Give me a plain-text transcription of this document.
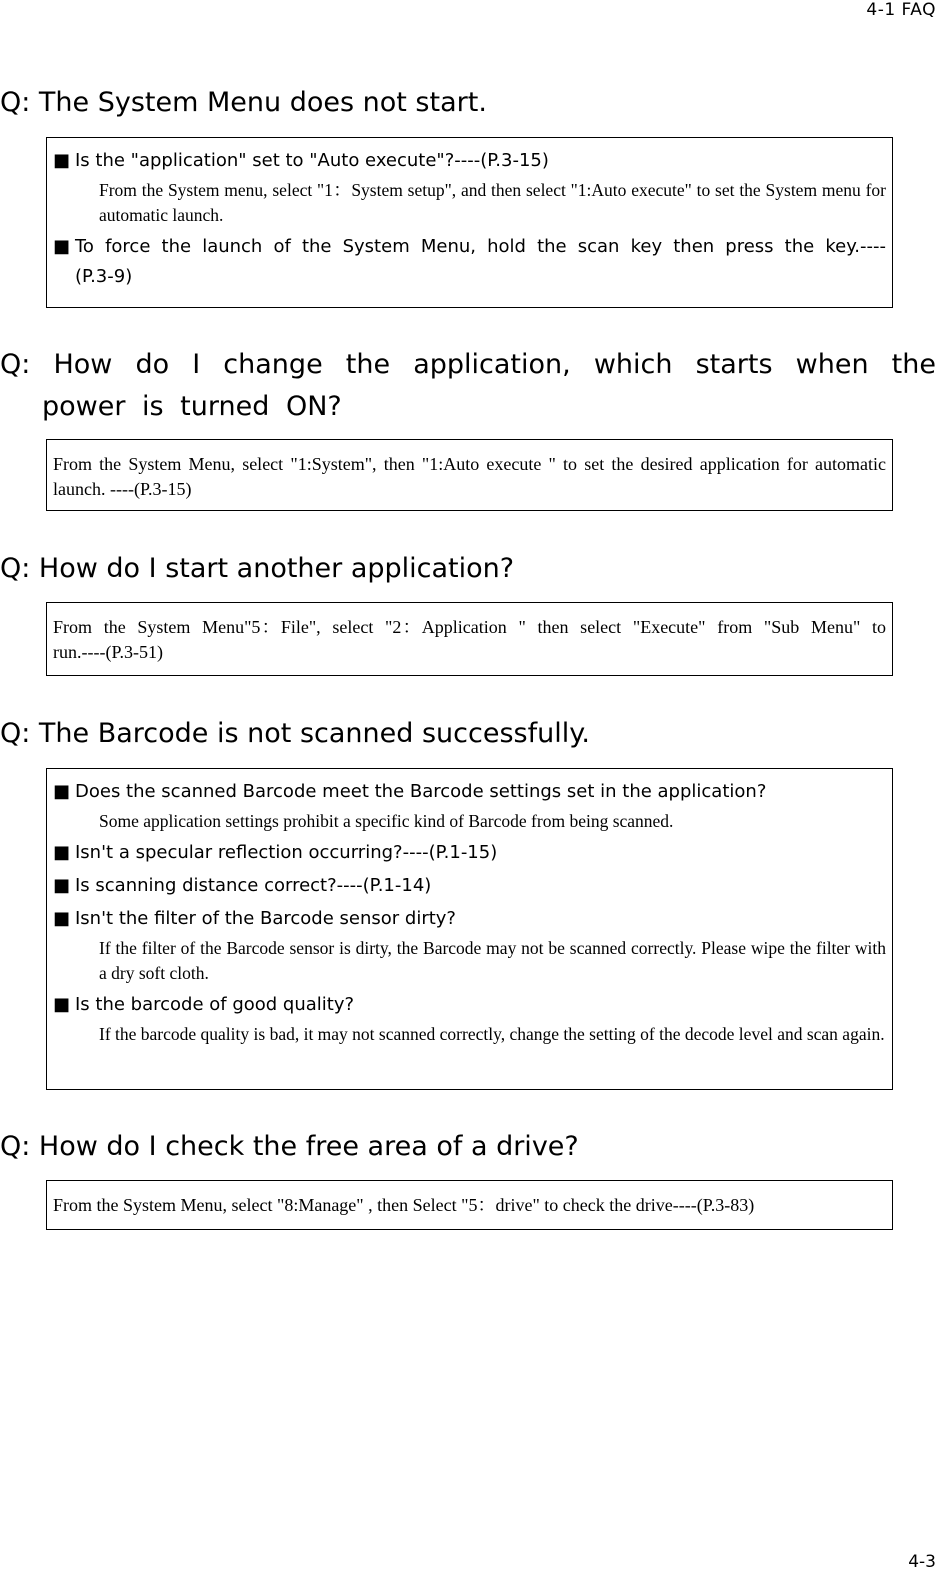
4-1 FAQ
Q: The System Menu does not start.
■ Is the "application" set to "Auto execute"?----(P.3-15)
From the System menu, select "1：System setup", and then select "1:Auto execute" to set the System menu for automatic launch.
■ To force the launch of the System Menu, hold the scan key then press the key.----(P.3-9)
Q: How do I change the application, which starts when the power is turned ON?
From the System Menu, select "1:System", then "1:Auto execute " to set the desired application for automatic launch. ----(P.3-15)
Q: How do I start another application?
From the System Menu"5：File", select "2：Application " then select "Execute" from "Sub Menu" to run.----(P.3-51)
Q: The Barcode is not scanned successfully.
■ Does the scanned Barcode meet the Barcode settings set in the application?
Some application settings prohibit a specific kind of Barcode from being scanned.
■ Isn't a specular reflection occurring?----(P.1-15)
■ Is scanning distance correct?----(P.1-14)
■ Isn't the filter of the Barcode sensor dirty?
If the filter of the Barcode sensor is dirty, the Barcode may not be scanned correctly. Please wipe the filter with a dry soft cloth.
■ Is the barcode of good quality?
If the barcode quality is bad, it may not scanned correctly, change the setting of the decode level and scan again.
Q: How do I check the free area of a drive?
From the System Menu, select "8:Manage" , then Select "5：drive" to check the drive----(P.3-83)
4-3
